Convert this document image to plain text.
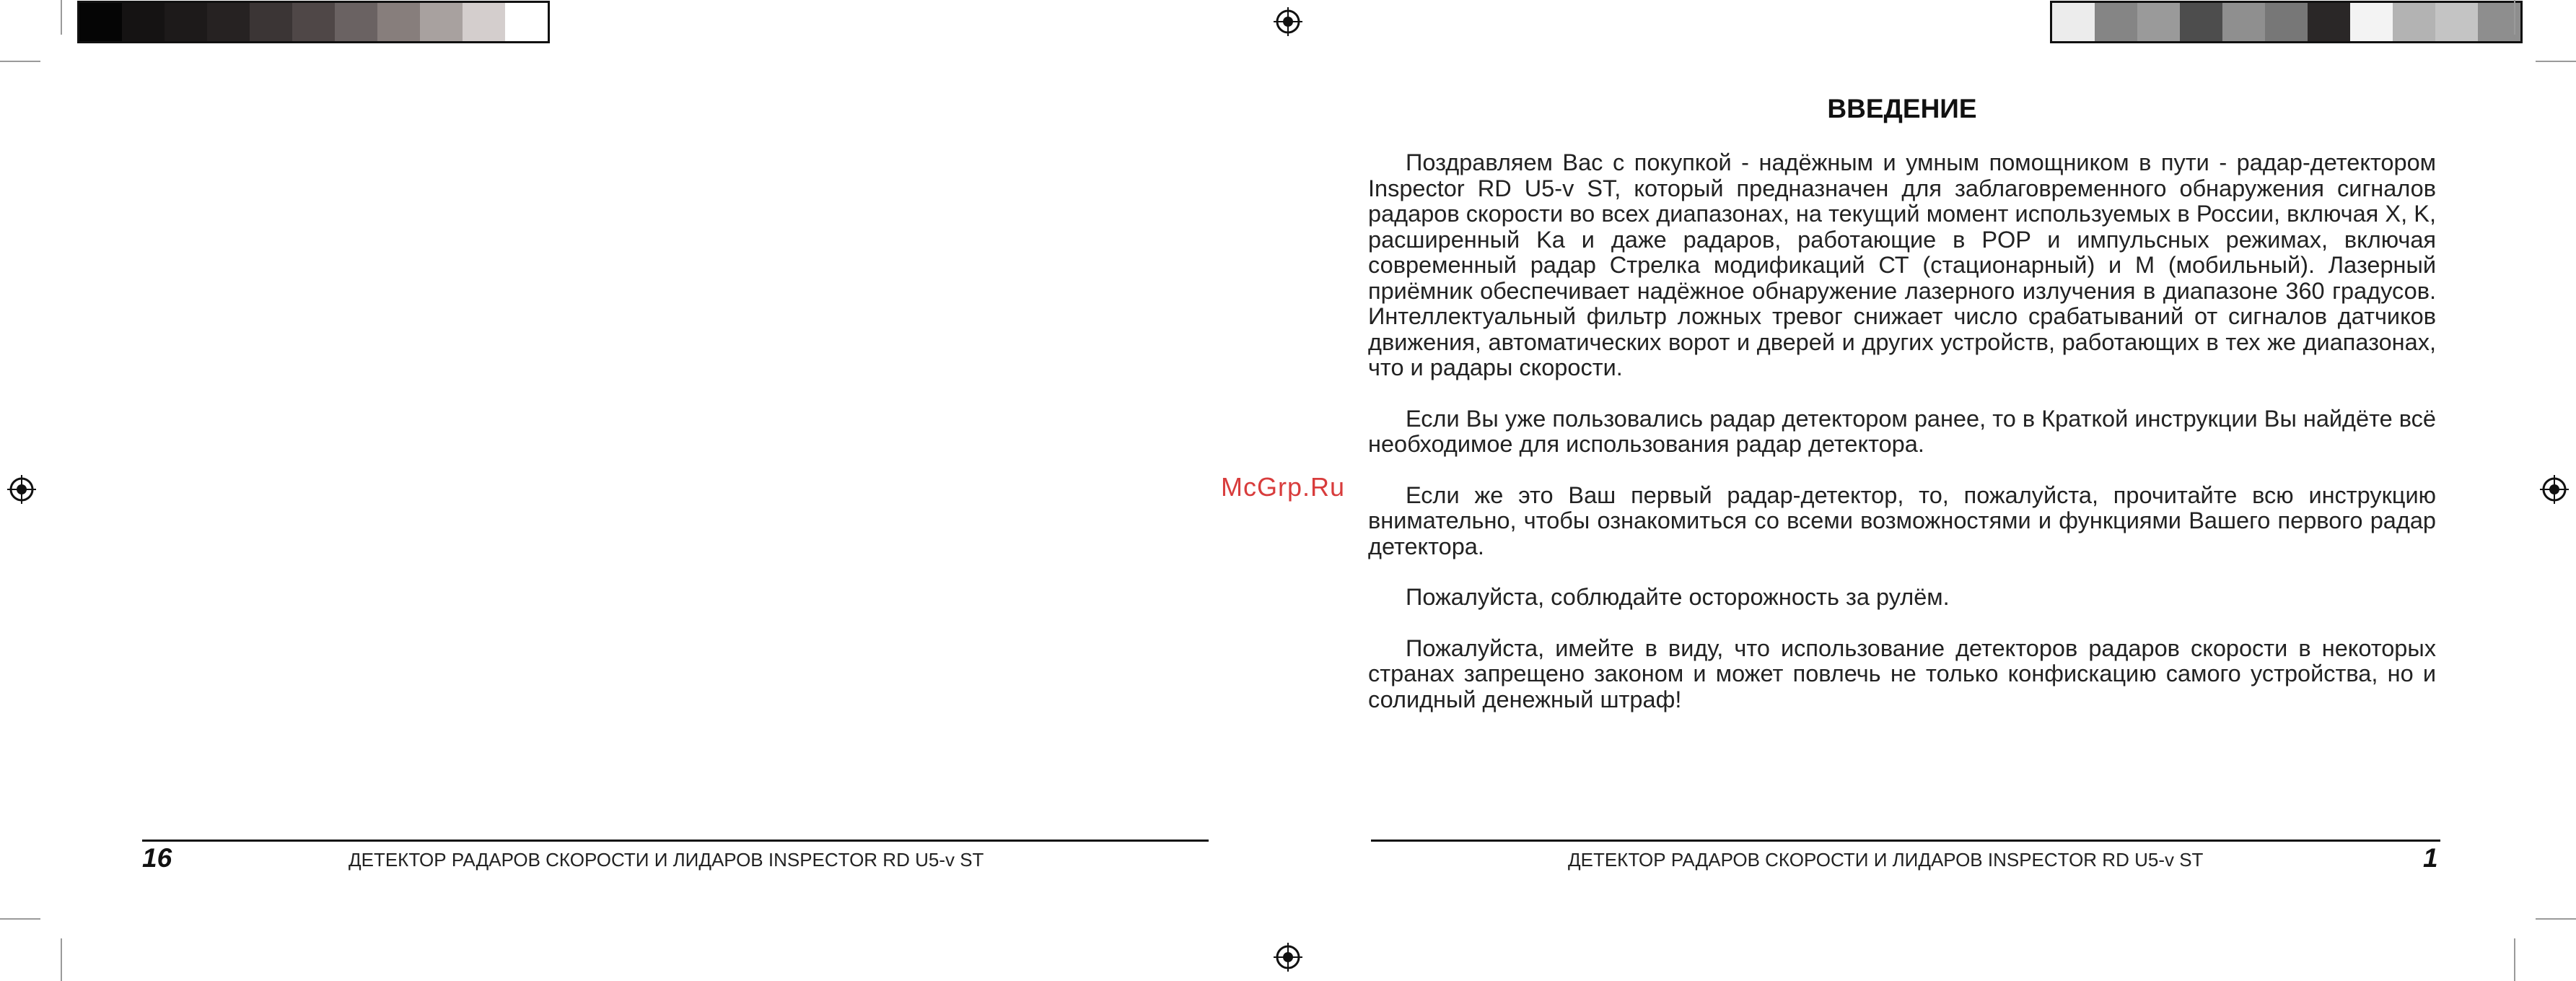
ВВЕДЕНИЕ

Поздравляем Вас с покупкой - надёжным и умным помощником в пути - радар-детектором Inspector RD U5-v ST, который предназначен для заблаговременного обнаружения сигналов радаров скорости во всех диапазонах, на текущий момент используемых в России, включая X, K, расширенный Ka и даже радаров, работающие в POP и импульсных режимах, включая современный радар Стрелка модификаций СТ (стационарный) и М (мобильный). Лазерный приёмник обеспечивает надёжное обнаружение лазерного излучения в диапазоне 360 градусов. Интеллектуальный фильтр ложных тревог снижает число срабатываний от сигналов датчиков движения, автоматических ворот и дверей и других устройств, работающих в тех же диапазонах, что и радары скорости.

Если Вы уже пользовались радар детектором ранее, то в Краткой инструкции Вы найдёте всё необходимое для использования радар детектора.

Если же это Ваш первый радар-детектор, то, пожалуйста, прочитайте всю инструкцию внимательно, чтобы ознакомиться со всеми возможностями и функциями Вашего первого радар детектора.

Пожалуйста, соблюдайте осторожность за рулём.

Пожалуйста, имейте в виду, что использование детекторов радаров скорости в некоторых странах запрещено законом и может повлечь не только конфискацию самого устройства, но и солидный денежный штраф!

McGrp.Ru
16	ДЕТЕКТОР РАДАРОВ СКОРОСТИ И ЛИДАРОВ INSPECTOR RD U5-v ST	ДЕТЕКТОР РАДАРОВ СКОРОСТИ И ЛИДАРОВ INSPECTOR RD U5-v ST	1
